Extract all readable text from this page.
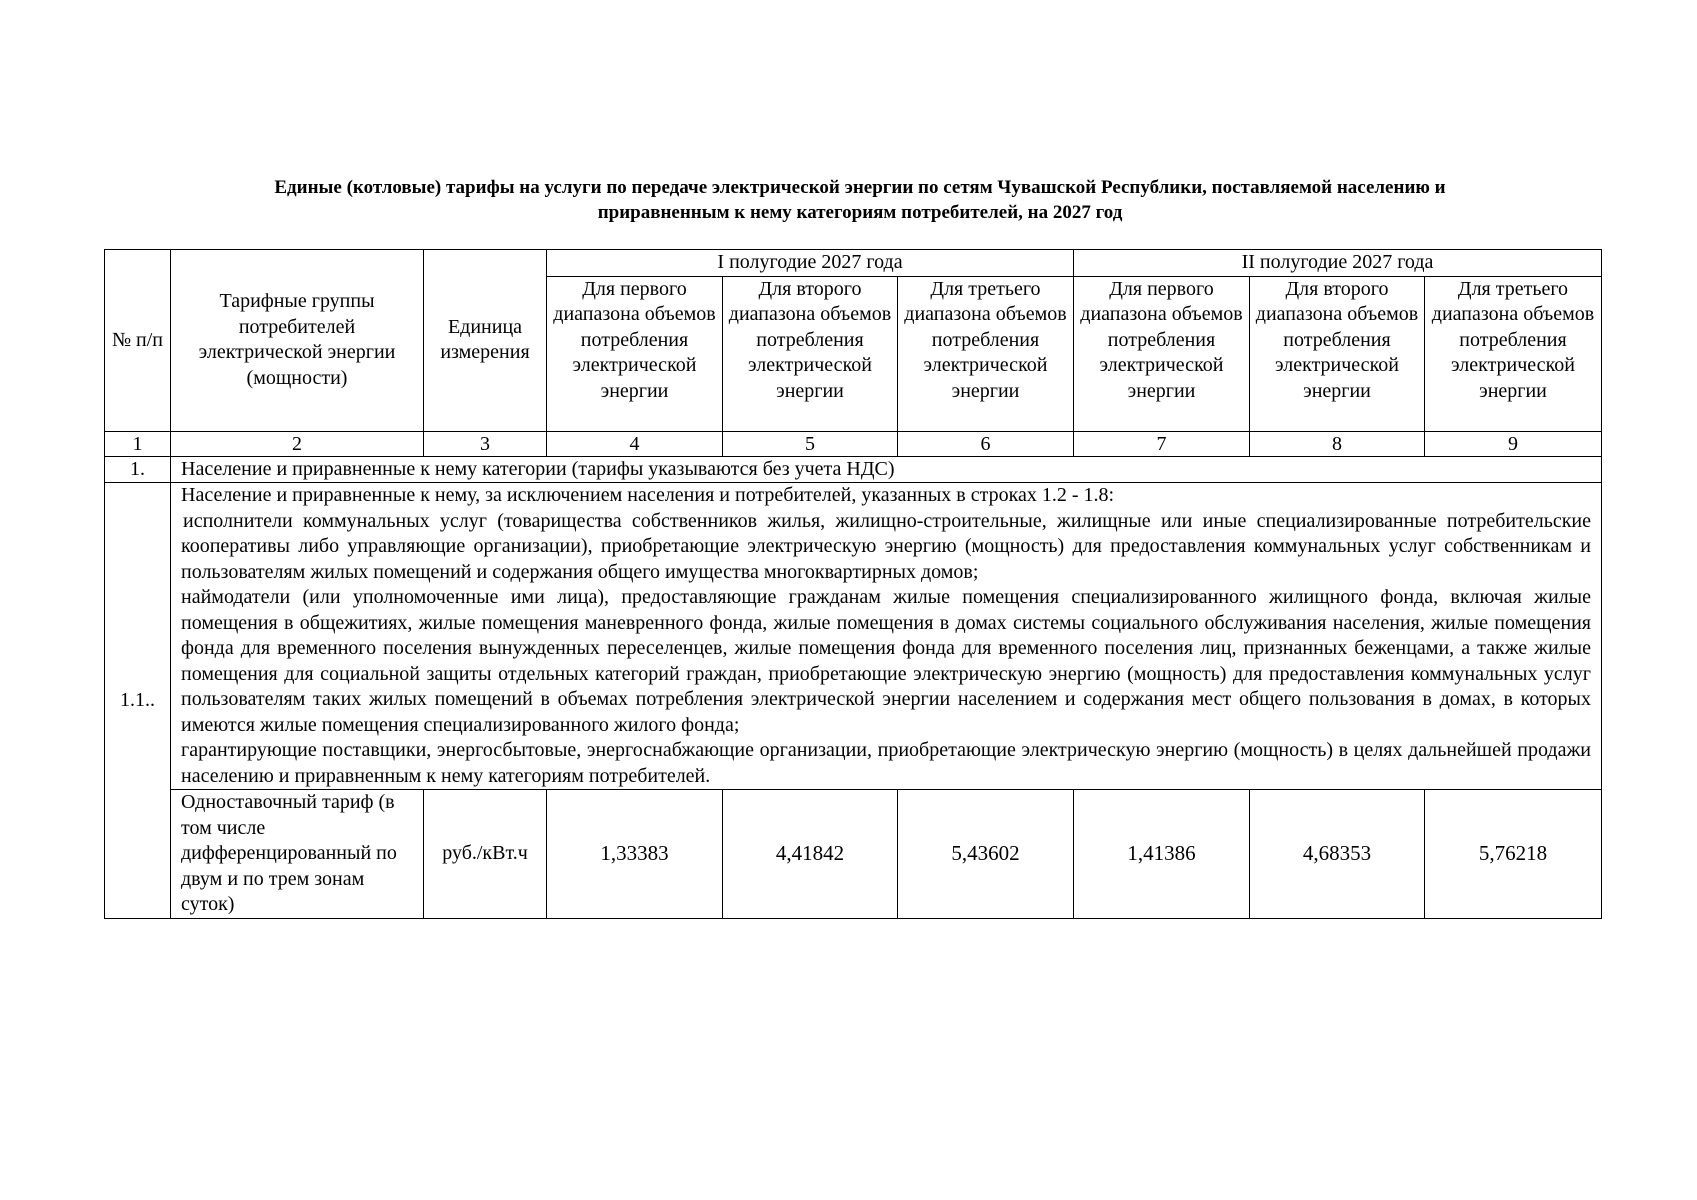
Единые (котловые) тарифы на услуги по передаче электрической энергии по сетям Чувашской Республики, поставляемой населению и
приравненным к нему категориям потребителей, на 2027 год
№ п/п	Тарифные группы потребителей электрической энергии (мощности)	Единица измерения	I полугодие 2027 года			II полугодие 2027 года		
			Для первого диапазона объемов потребления электрической энергии	Для второго диапазона объемов потребления электрической энергии	Для третьего диапазона объемов потребления электрической энергии	Для первого диапазона объемов потребления электрической энергии	Для второго диапазона объемов потребления электрической энергии	Для третьего диапазона объемов потребления электрической энергии
1	2	3	4	5	6	7	8	9
1.	Население и приравненные к нему категории (тарифы указываются без учета НДС)							
1.1..	Население и приравненные к нему, за исключением населения и потребителей, указанных в строках 1.2 - 1.8:
исполнители коммунальных услуг (товарищества собственников жилья, жилищно-строительные, жилищные или иные специализированные потребительские кооперативы либо управляющие организации), приобретающие электрическую энергию (мощность) для предоставления коммунальных услуг собственникам и пользователям жилых помещений и содержания общего имущества многоквартирных домов;
наймодатели (или уполномоченные ими лица), предоставляющие гражданам жилые помещения специализированного жилищного фонда, включая жилые помещения в общежитиях, жилые помещения маневренного фонда, жилые помещения в домах системы социального обслуживания населения, жилые помещения фонда для временного поселения вынужденных переселенцев, жилые помещения фонда для временного поселения лиц, признанных беженцами, а также жилые помещения для социальной защиты отдельных категорий граждан, приобретающие электрическую энергию (мощность) для предоставления коммунальных услуг пользователям таких жилых помещений в объемах потребления электрической энергии населением и содержания мест общего пользования в домах, в которых имеются жилые помещения специализированного жилого фонда;
гарантирующие поставщики, энергосбытовые, энергоснабжающие организации, приобретающие электрическую энергию (мощность) в целях дальнейшей продажи населению и приравненным к нему категориям потребителей.							

	Одноставочный тариф (в том числе дифференцированный по двум и по трем зонам суток)	руб./кВт.ч	1,33383	4,41842	5,43602	1,41386	4,68353	5,76218
